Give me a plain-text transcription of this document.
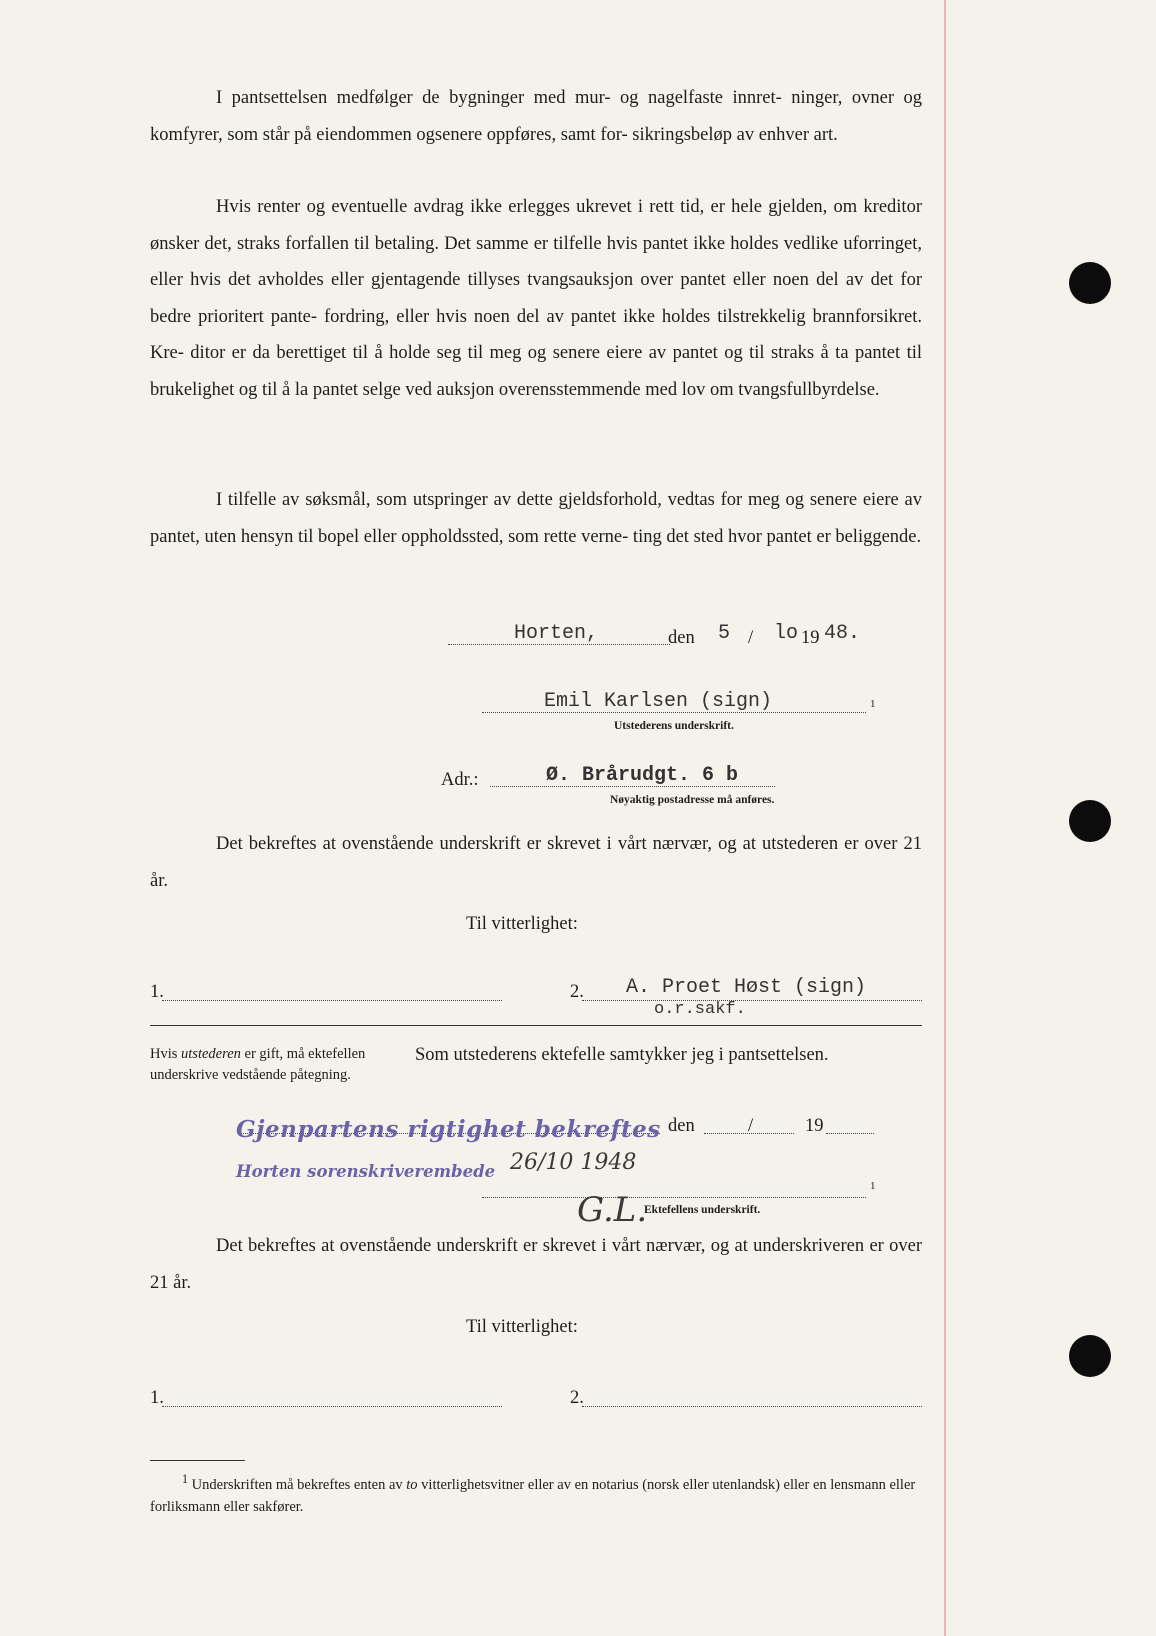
I pantsettelsen medfølger de bygninger med mur- og nagelfaste innret- ninger, ovner og komfyrer, som står på eiendommen ogsenere oppføres, samt for- sikringsbeløp av enhver art.
Hvis renter og eventuelle avdrag ikke erlegges ukrevet i rett tid, er hele gjelden, om kreditor ønsker det, straks forfallen til betaling. Det samme er tilfelle hvis pantet ikke holdes vedlike uforringet, eller hvis det avholdes eller gjentagende tillyses tvangsauksjon over pantet eller noen del av det for bedre prioritert pante- fordring, eller hvis noen del av pantet ikke holdes tilstrekkelig brannforsikret. Kre- ditor er da berettiget til å holde seg til meg og senere eiere av pantet og til straks å ta pantet til brukelighet og til å la pantet selge ved auksjon overensstemmende med lov om tvangsfullbyrdelse.
I tilfelle av søksmål, som utspringer av dette gjeldsforhold, vedtas for meg og senere eiere av pantet, uten hensyn til bopel eller oppholdssted, som rette verne- ting det sted hvor pantet er beliggende.
Horten,	den 5 / lo 19 48.
Emil Karlsen (sign)	1
Utstederens underskrift.
Adr.:	Ø. Brårudgt. 6 b
Nøyaktig postadresse må anføres.
Det bekreftes at ovenstående underskrift er skrevet i vårt nærvær, og at utstederen er over 21 år.
Til vitterlighet:
1.	2. A. Proet Høst (sign)
o.r.sakf.
Hvis utstederen er gift, må ektefellen underskrive vedstående påtegning.
Som utstederens ektefelle samtykker jeg i pantsettelsen.
den	/	19
Gjenpartens rigtighet bekreftes
Horten sorenskriverembede 26/10 1948
G.L.
1
Ektefellens underskrift.
Det bekreftes at ovenstående underskrift er skrevet i vårt nærvær, og at underskriveren er over 21 år.
Til vitterlighet:
1.	2.
$^1$ Underskriften må bekreftes enten av to vitterlighetsvitner eller av en notarius (norsk eller utenlandsk) eller en lensmann eller forliksmann eller sakfører.
